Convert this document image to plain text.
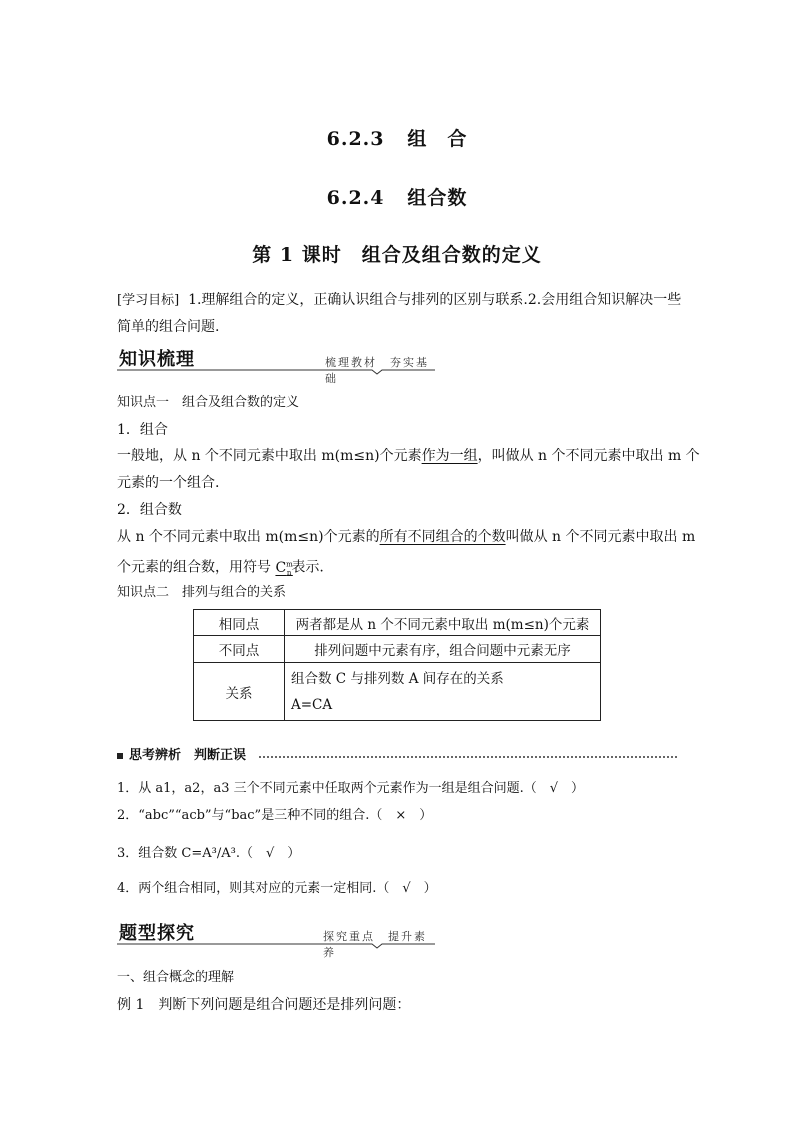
6.2.3 组　合
6.2.4 组合数
第 1 课时　组合及组合数的定义
[学习目标] 1.理解组合的定义，正确认识组合与排列的区别与联系.2.会用组合知识解决一些
简单的组合问题.
知识梳理	梳理教材　夯实基础
知识点一　组合及组合数的定义
1．组合
一般地，从 n 个不同元素中取出 m(m≤n)个元素作为一组，叫做从 n 个不同元素中取出 m 个
元素的一个组合.
2．组合数
从 n 个不同元素中取出 m(m≤n)个元素的所有不同组合的个数叫做从 n 个不同元素中取出 m
个元素的组合数，用符号 $C^m_n$表示.
知识点二　排列与组合的关系
相同点	两者都是从 n 个不同元素中取出 m(m≤n)个元素
不同点	排列问题中元素有序，组合问题中元素无序
关系	组合数 C 与排列数 A 间存在的关系
A=CA
思考辨析　判断正误
1．从 a1，a2，a3 三个不同元素中任取两个元素作为一组是组合问题.（　√　）
2．“abc”“acb”与“bac”是三种不同的组合.（　×　）
3．组合数 C=A³/A³.（　√　）
4．两个组合相同，则其对应的元素一定相同.（　√　）
题型探究	探究重点　提升素养
一、组合概念的理解
例 1　判断下列问题是组合问题还是排列问题：
